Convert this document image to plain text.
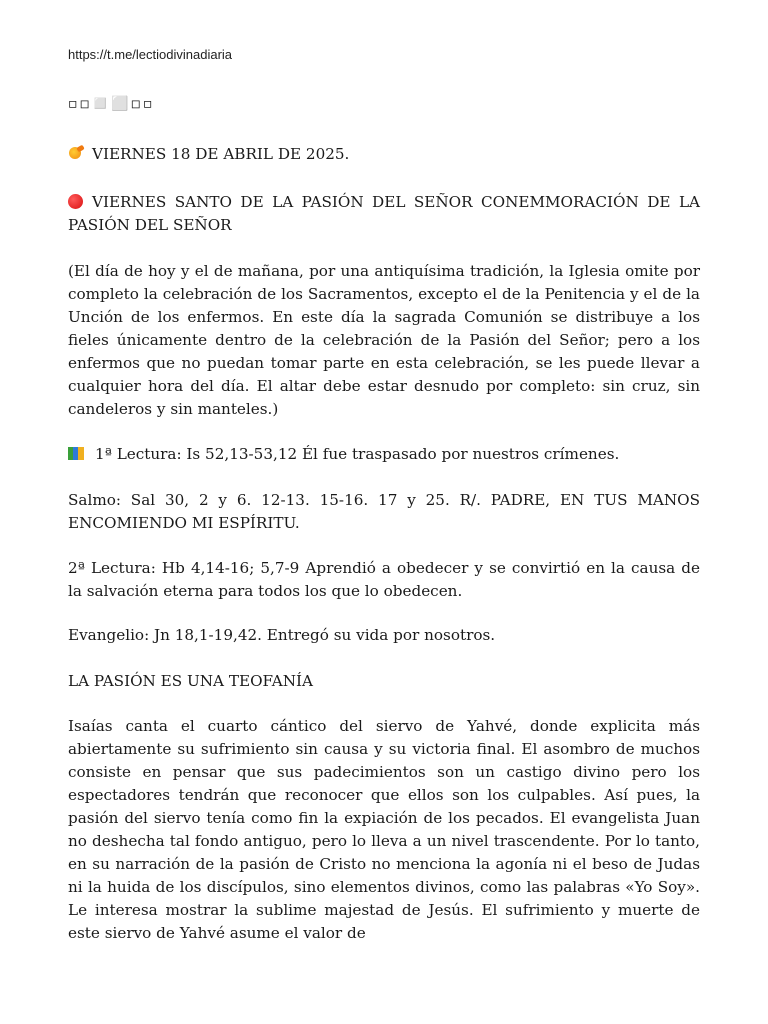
https://t.me/lectiodivinadiaria
▫◽◻️⬜◽▫
VIERNES 18 DE ABRIL DE 2025.
VIERNES SANTO DE LA PASIÓN DEL SEÑOR CONEMMORACIÓN DE LA PASIÓN DEL SEÑOR
(El día de hoy y el de mañana, por una antiquísima tradición, la Iglesia omite por completo la celebración de los Sacramentos, excepto el de la Penitencia y el de la Unción de los enfermos. En este día la sagrada Comunión se distribuye a los fieles únicamente dentro de la celebración de la Pasión del Señor; pero a los enfermos que no puedan tomar parte en esta celebración, se les puede llevar a cualquier hora del día. El altar debe estar desnudo por completo: sin cruz, sin candeleros y sin manteles.)
1ª Lectura: Is 52,13-53,12 Él fue traspasado por nuestros crímenes.
Salmo: Sal 30, 2 y 6. 12-13. 15-16. 17 y 25. R/. PADRE, EN TUS MANOS ENCOMIENDO MI ESPÍRITU.
2ª Lectura: Hb 4,14-16; 5,7-9 Aprendió a obedecer y se convirtió en la causa de la salvación eterna para todos los que lo obedecen.
Evangelio: Jn 18,1-19,42. Entregó su vida por nosotros.
LA PASIÓN ES UNA TEOFANÍA
Isaías canta el cuarto cántico del siervo de Yahvé, donde explicita más abiertamente su sufrimiento sin causa y su victoria final. El asombro de muchos consiste en pensar que sus padecimientos son un castigo divino pero los espectadores tendrán que reconocer que ellos son los culpables. Así pues, la pasión del siervo tenía como fin la expiación de los pecados. El evangelista Juan no deshecha tal fondo antiguo, pero lo lleva a un nivel trascendente. Por lo tanto, en su narración de la pasión de Cristo no menciona la agonía ni el beso de Judas ni la huida de los discípulos, sino elementos divinos, como las palabras «Yo Soy». Le interesa mostrar la sublime majestad de Jesús. El sufrimiento y muerte de este siervo de Yahvé asume el valor de
